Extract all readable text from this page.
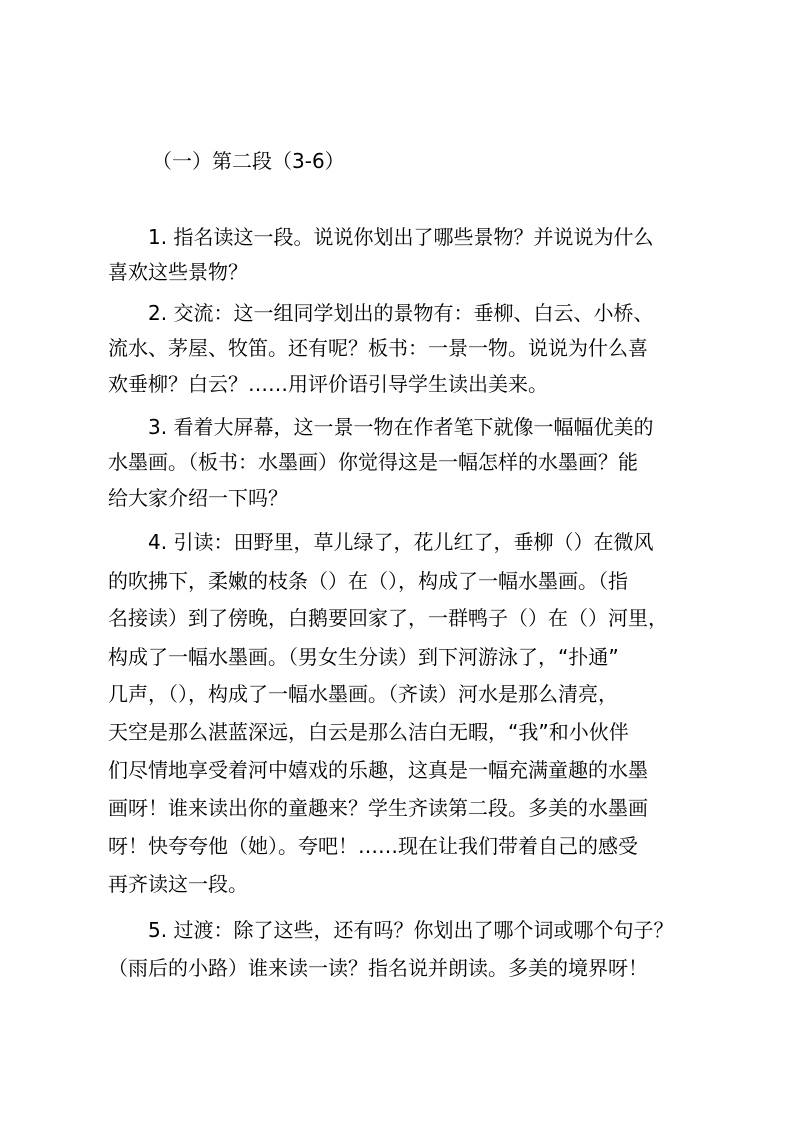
（一）第二段（3-6）
1. 指名读这一段。说说你划出了哪些景物？并说说为什么
喜欢这些景物？
2. 交流：这一组同学划出的景物有：垂柳、白云、小桥、
流水、茅屋、牧笛。还有呢？板书：一景一物。说说为什么喜
欢垂柳？白云？……用评价语引导学生读出美来。
3. 看着大屏幕，这一景一物在作者笔下就像一幅幅优美的
水墨画。（板书：水墨画）你觉得这是一幅怎样的水墨画？能
给大家介绍一下吗？
4. 引读：田野里，草儿绿了，花儿红了，垂柳（）在微风
的吹拂下，柔嫩的枝条（）在（），构成了一幅水墨画。（指
名接读）到了傍晚，白鹅要回家了，一群鸭子（）在（）河里，
构成了一幅水墨画。（男女生分读）到下河游泳了，“扑通”
几声，（），构成了一幅水墨画。（齐读）河水是那么清亮，
天空是那么湛蓝深远，白云是那么洁白无暇，“我”和小伙伴
们尽情地享受着河中嬉戏的乐趣，这真是一幅充满童趣的水墨
画呀！谁来读出你的童趣来？学生齐读第二段。多美的水墨画
呀！快夸夸他（她）。夸吧！……现在让我们带着自己的感受
再齐读这一段。
5. 过渡：除了这些，还有吗？你划出了哪个词或哪个句子？
（雨后的小路）谁来读一读？指名说并朗读。多美的境界呀！
